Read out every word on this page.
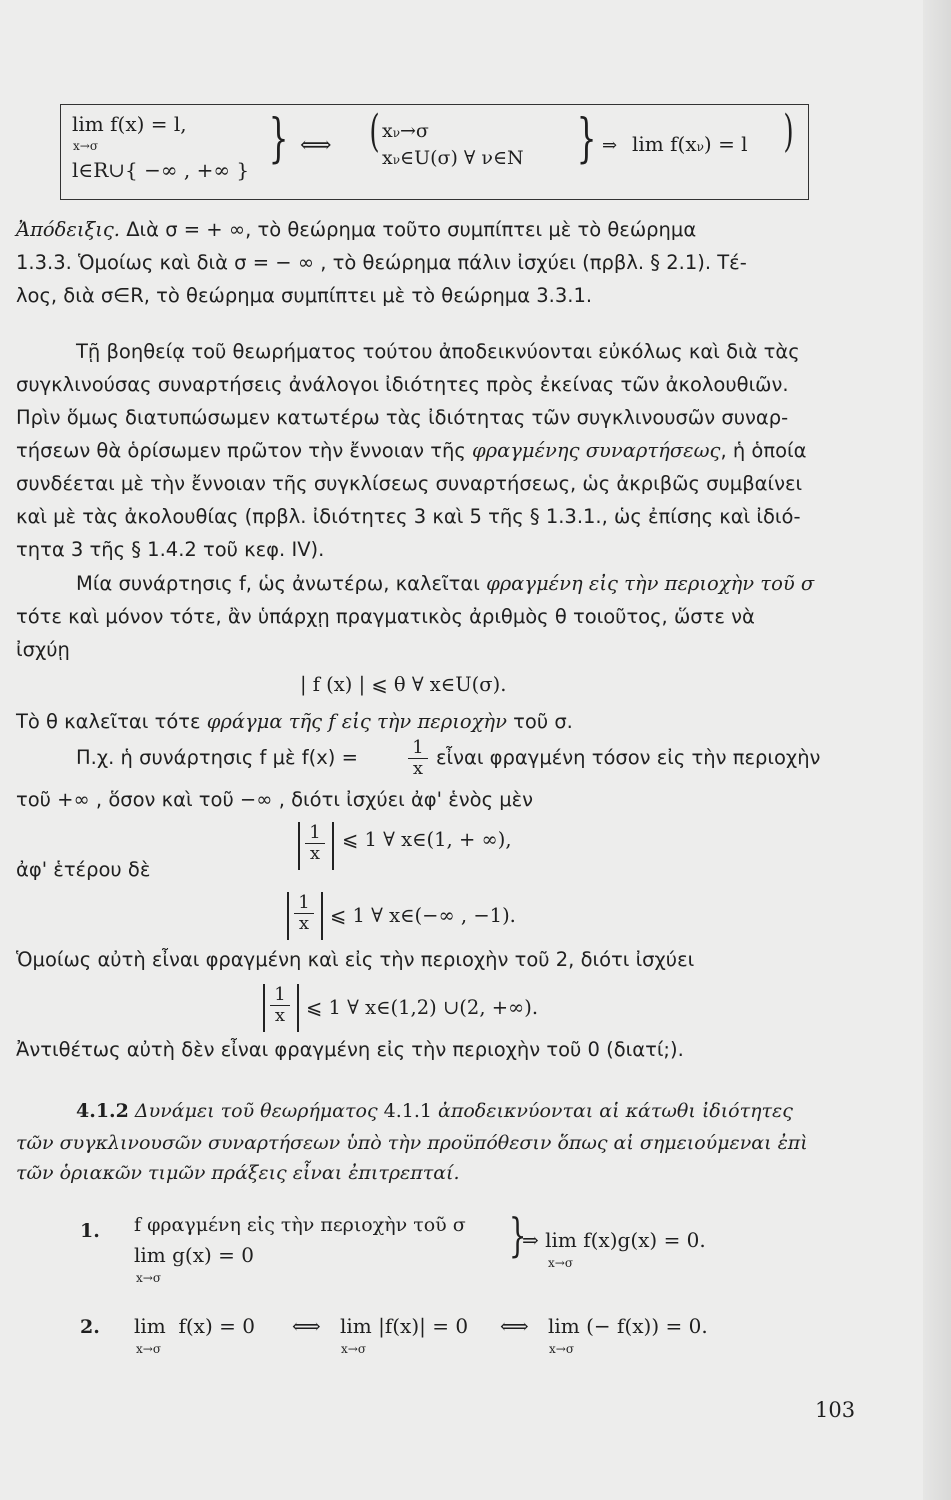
lim f(x) = l,
x→σ
l∈R∪{ −∞ , +∞ }
} ⟺ ( xν→σ
xν∈U(σ) ∀ ν∈N } ⇒ lim f(xν) = l )
Ἀπόδειξις. Διὰ σ = + ∞, τὸ θεώρημα τοῦτο συμπίπτει μὲ τὸ θεώρημα
1.3.3. Ὁμοίως καὶ διὰ σ = − ∞ , τὸ θεώρημα πάλιν ἰσχύει (πρβλ. § 2.1). Τέ-
λος, διὰ σ∈R, τὸ θεώρημα συμπίπτει μὲ τὸ θεώρημα 3.3.1.
Τῇ βοηθείᾳ τοῦ θεωρήματος τούτου ἀποδεικνύονται εὐκόλως καὶ διὰ τὰς
συγκλινούσας συναρτήσεις ἀνάλογοι ἰδιότητες πρὸς ἐκείνας τῶν ἀκολουθιῶν.
Πρὶν ὅμως διατυπώσωμεν κατωτέρω τὰς ἰδιότητας τῶν συγκλινουσῶν συναρ-
τήσεων θὰ ὁρίσωμεν πρῶτον τὴν ἔννοιαν τῆς φραγμένης συναρτήσεως, ἡ ὁποία
συνδέεται μὲ τὴν ἔννοιαν τῆς συγκλίσεως συναρτήσεως, ὡς ἀκριβῶς συμβαίνει
καὶ μὲ τὰς ἀκολουθίας (πρβλ. ἰδιότητες 3 καὶ 5 τῆς § 1.3.1., ὡς ἐπίσης καὶ ἰδιό-
τητα 3 τῆς § 1.4.2 τοῦ κεφ. IV).
Μία συνάρτησις f, ὡς ἀνωτέρω, καλεῖται φραγμένη εἰς τὴν περιοχὴν τοῦ σ
τότε καὶ μόνον τότε, ἂν ὑπάρχῃ πραγματικὸς ἀριθμὸς θ τοιοῦτος, ὥστε νὰ
ἰσχύῃ
| f (x) | ⩽ θ ∀ x∈U(σ).
Τὸ θ καλεῖται τότε φράγμα τῆς f εἰς τὴν περιοχὴν τοῦ σ.
Π.χ. ἡ συνάρτησις f μὲ f(x) =	$\frac{1}{x}$ εἶναι φραγμένη τόσον εἰς τὴν περιοχὴν
τοῦ +∞ , ὅσον καὶ τοῦ −∞ , διότι ἰσχύει ἀφ' ἑνὸς μὲν
$\frac{1}{x}$ ⩽ 1 ∀ x∈(1, + ∞),
ἀφ' ἑτέρου δὲ
$\frac{1}{x}$ ⩽ 1 ∀ x∈(−∞ , −1).
Ὁμοίως αὐτὴ εἶναι φραγμένη καὶ εἰς τὴν περιοχὴν τοῦ 2, διότι ἰσχύει
$\frac{1}{x}$ ⩽ 1 ∀ x∈(1,2) ∪(2, +∞).
Ἀντιθέτως αὐτὴ δὲν εἶναι φραγμένη εἰς τὴν περιοχὴν τοῦ 0 (διατί;).
4.1.2 Δυνάμει τοῦ θεωρήματος 4.1.1 ἀποδεικνύονται αἱ κάτωθι ἰδιότητες
τῶν συγκλινουσῶν συναρτήσεων ὑπὸ τὴν προϋπόθεσιν ὅπως αἱ σημειούμεναι ἐπὶ
τῶν ὁριακῶν τιμῶν πράξεις εἶναι ἐπιτρεπταί.
1. f φραγμένη εἰς τὴν περιοχὴν τοῦ σ
lim g(x) = 0
x→σ
}
⇒ lim f(x)g(x) = 0.
x→σ
2. lim  f(x) = 0
x→σ
⟺ lim |f(x)| = 0
x→σ
⟺ lim (− f(x)) = 0.
x→σ
103
